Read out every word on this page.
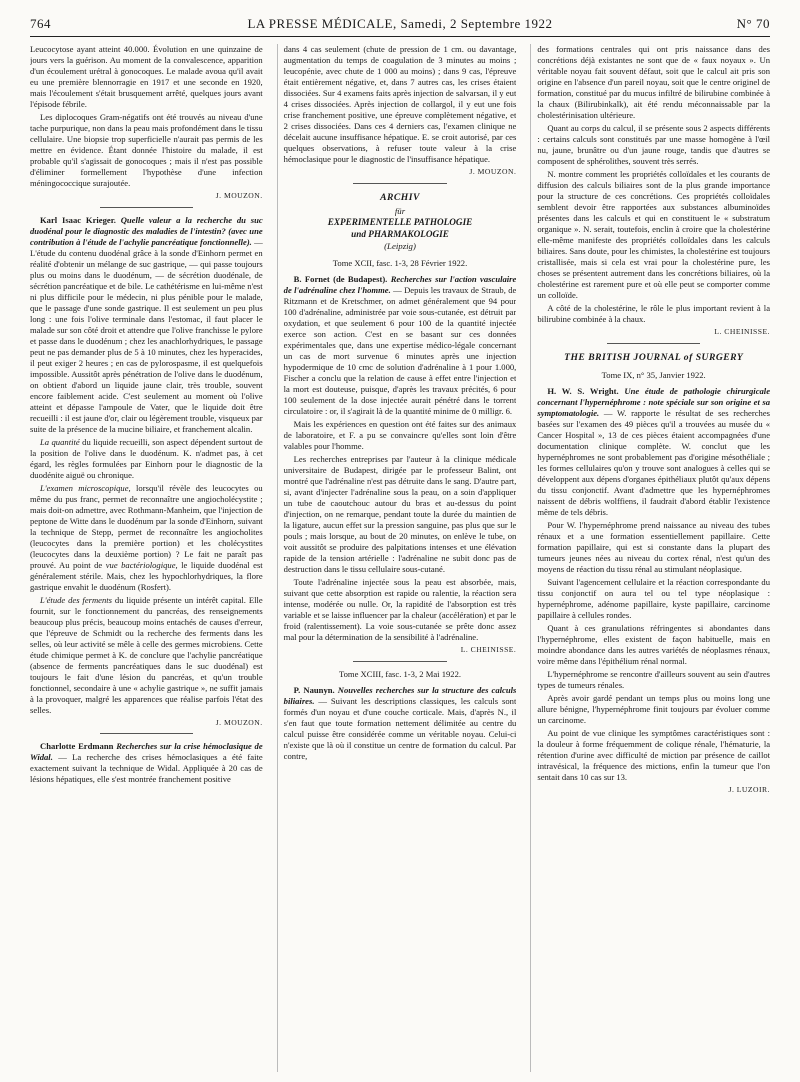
764	LA PRESSE MÉDICALE, Samedi, 2 Septembre 1922	N° 70

Leucocytose ayant atteint 40.000. Évolution en une quinzaine de jours vers la guérison. Au moment de la convalescence, apparition d'un écoulement urétral à gonocoques. Le malade avoua qu'il avait eu une première blennorragie en 1917 et une seconde en 1920, mais l'écoulement s'était brusquement arrêté, quelques jours avant l'épisode fébrile.

Les diplocoques Gram-négatifs ont été trouvés au niveau d'une tache purpurique, non dans la peau mais profondément dans le tissu cellulaire. Une biopsie trop superficielle n'aurait pas permis de les mettre en évidence. Étant donnée l'histoire du malade, il est probable qu'il s'agissait de gonocoques ; mais il n'est pas possible d'éliminer formellement l'hypothèse d'une infection méningococcique surajoutée.

J. MOUZON.

Karl Isaac Krieger. Quelle valeur a la recherche du suc duodénal pour le diagnostic des maladies de l'intestin? (avec une contribution à l'étude de l'achylie pancréatique fonctionnelle). — L'étude du contenu duodénal grâce à la sonde d'Einhorn permet en réalité d'obtenir un mélange de suc gastrique, — qui passe toujours plus ou moins dans le duodénum, — de sécrétion duodénale, de sécrétion pancréatique et de bile. Le cathétérisme en lui-même n'est ni plus difficile pour le médecin, ni plus pénible pour le malade, que le passage d'une sonde gastrique. Il est seulement un peu plus long : une fois l'olive terminale dans l'estomac, il faut placer le malade sur son côté droit et attendre que l'olive franchisse le pylore et passe dans le duodénum ; chez les anachlorhydriques, le passage peut ne pas demander plus de 5 à 10 minutes, chez les hyperacides, il peut exiger 2 heures ; en cas de pylorospasme, il est quelquefois impossible. Aussitôt après pénétration de l'olive dans le duodénum, on obtient d'abord un liquide jaune clair, très trouble, souvent encore faiblement acide. C'est seulement au moment où l'olive atteint et dépasse l'ampoule de Vater, que le liquide doit être recueilli : il est jaune d'or, clair ou légèrement trouble, visqueux par suite de la présence de la mucine biliaire, et franchement alcalin.

La quantité du liquide recueilli, son aspect dépendent surtout de la position de l'olive dans le duodénum. K. n'admet pas, à cet égard, les règles formulées par Einhorn pour le diagnostic de la duodénite aiguë ou chronique.

L'examen microscopique, lorsqu'il révèle des leucocytes ou même du pus franc, permet de reconnaître une angiocholécystite ; mais doit-on admettre, avec Rothmann-Manheim, que l'injection de peptone de Witte dans le duodénum par la sonde d'Einhorn, suivant la technique de Stepp, permet de reconnaître les angiocholites (leucocytes dans la première portion) et les cholécystites (leucocytes dans la deuxième portion) ? Le fait ne paraît pas prouvé. Au point de vue bactériologique, le liquide duodénal est généralement stérile. Mais, chez les hypochlorhydriques, la flore gastrique envahit le duodénum (Rosfert).

L'étude des ferments du liquide présente un intérêt capital. Elle fournit, sur le fonctionnement du pancréas, des renseignements beaucoup plus précis, beaucoup moins entachés de causes d'erreur, que l'épreuve de Schmidt ou la recherche des ferments dans les selles, où leur activité se mêle à celle des germes microbiens. Cette étude chimique permet à K. de conclure que l'achylie pancréatique (absence de ferments pancréatiques dans le suc duodénal) est toujours le fait d'une lésion du pancréas, et qu'un trouble fonctionnel, secondaire à une « achylie gastrique », ne suffit jamais à la provoquer, malgré les apparences que réalise parfois l'état des selles.

J. MOUZON.

Charlotte Erdmann Recherches sur la crise hémoclasique de Widal. — La recherche des crises hémoclasiques a été faite exactement suivant la technique de Widal. Appliquée à 20 cas de lésions hépatiques, elle s'est montrée franchement positive

dans 4 cas seulement (chute de pression de 1 cm. ou davantage, augmentation du temps de coagulation de 3 minutes au moins ; leucopénie, avec chute de 1 000 au moins) ; dans 9 cas, l'épreuve était entièrement négative, et, dans 7 autres cas, les crises étaient dissociées. Sur 4 examens faits après injection de salvarsan, il y eut 4 crises dissociées. Après injection de collargol, il y eut une fois crise franchement positive, une épreuve complètement négative, et 2 crises dissociées. Dans ces 4 derniers cas, l'examen clinique ne décelait aucune insuffisance hépatique. E. se croit autorisé, par ces quelques observations, à refuser toute valeur à la crise hémoclasique pour le diagnostic de l'insuffisance hépatique.

J. MOUZON.

ARCHIV

für

EXPERIMENTELLE PATHOLOGIE

und PHARMAKOLOGIE

(Leipzig)

Tome XCII, fasc. 1-3, 28 Février 1922.

B. Fornet (de Budapest). Recherches sur l'action vasculaire de l'adrénaline chez l'homme. — Depuis les travaux de Straub, de Ritzmann et de Kretschmer, on admet généralement que 94 pour 100 d'adrénaline, administrée par voie sous-cutanée, est détruit par oxydation, et que seulement 6 pour 100 de la quantité injectée exerce son action. C'est en se basant sur ces données expérimentales que, dans une expertise médico-légale concernant un cas de mort survenue 6 minutes après une injection hypodermique de 10 cmc de solution d'adrénaline à 1 pour 1.000, Fischer a conclu que la relation de cause à effet entre l'injection et la mort est douteuse, puisque, d'après les travaux précités, 6 pour 100 seulement de la dose injectée aurait pénétré dans le torrent circulatoire : or, il s'agirait là de la quantité minime de 0 milligr. 6.

Mais les expériences en question ont été faites sur des animaux de laboratoire, et F. a pu se convaincre qu'elles sont loin d'être valables pour l'homme.

Les recherches entreprises par l'auteur à la clinique médicale universitaire de Budapest, dirigée par le professeur Balint, ont montré que l'adrénaline n'est pas détruite dans le sang. D'autre part, si, avant d'injecter l'adrénaline sous la peau, on a soin d'appliquer un tube de caoutchouc autour du bras et au-dessus du point d'injection, on ne remarque, pendant toute la durée du maintien de la ligature, aucun effet sur la pression sanguine, pas plus que sur le pouls ; mais lorsque, au bout de 20 minutes, on enlève le tube, on voit aussitôt se produire des palpitations intenses et une élévation rapide de la tension artérielle : l'adrénaline ne subit donc pas de destruction dans le tissu cellulaire sous-cutané.

Toute l'adrénaline injectée sous la peau est absorbée, mais, suivant que cette absorption est rapide ou ralentie, la réaction sera intense, modérée ou nulle. Or, la rapidité de l'absorption est très variable et se laisse influencer par la chaleur (accélération) et par le froid (ralentissement). La voie sous-cutanée se prête donc assez mal pour la détermination de la sensibilité à l'adrénaline.

L. CHEINISSE.

Tome XCIII, fasc. 1-3, 2 Mai 1922.

P. Naunyn. Nouvelles recherches sur la structure des calculs biliaires. — Suivant les descriptions classiques, les calculs sont formés d'un noyau et d'une couche corticale. Mais, d'après N., il s'en faut que toute formation nettement délimitée au centre du calcul puisse être considérée comme un véritable noyau. Celui-ci n'existe que là où il constitue un centre de formation du calcul. Par contre,

des formations centrales qui ont pris naissance dans des concrétions déjà existantes ne sont que de « faux noyaux ». Un véritable noyau fait souvent défaut, soit que le calcul ait pris son origine en l'absence d'un pareil noyau, soit que le centre originel de formation, constitué par du mucus infiltré de bilirubine combinée à la chaux (Bilirubinkalk), ait été rendu méconnaissable par la cholestérinisation ultérieure.

Quant au corps du calcul, il se présente sous 2 aspects différents : certains calculs sont constitués par une masse homogène à l'œil nu, jaune, brunâtre ou d'un jaune rouge, tandis que d'autres se composent de sphérolithes, souvent très serrés.

N. montre comment les propriétés colloïdales et les courants de diffusion des calculs biliaires sont de la plus grande importance pour la structure de ces concrétions. Ces propriétés colloïdales semblent devoir être rapportées aux substances albuminoïdes présentes dans les calculs et qui en constituent le « substratum organique ». N. serait, toutefois, enclin à croire que la cholestérine elle-même manifeste des propriétés colloïdales dans les calculs biliaires. Sans doute, pour les chimistes, la cholestérine est toujours cristallisée, mais si cela est vrai pour la cholestérine pure, les choses se présentent autrement dans les concrétions biliaires, où la cholestérine est rarement pure et où elle peut se comporter comme un colloïde.

A côté de la cholestérine, le rôle le plus important revient à la bilirubine combinée à la chaux.

L. CHEINISSE.

THE BRITISH JOURNAL of SURGERY

Tome IX, n° 35, Janvier 1922.

H. W. S. Wright. Une étude de pathologie chirurgicale concernant l'hypernéphrome : note spéciale sur son origine et sa symptomatologie. — W. rapporte le résultat de ses recherches basées sur l'examen des 49 pièces qu'il a trouvées au musée du « Cancer Hospital », 13 de ces pièces étaient accompagnées d'une documentation clinique complète. W. conclut que les hypernéphromes ne sont probablement pas d'origine mésothéliale ; les formes cellulaires qu'on y trouve sont analogues à celles qui se développent aux dépens d'organes épithéliaux plutôt qu'aux dépens du tissu conjonctif. Avant d'admettre que les hypernéphromes naissent de débris wolffiens, il faudrait d'abord établir l'existence même de tels débris.

Pour W. l'hypernéphrome prend naissance au niveau des tubes rénaux et a une formation essentiellement papillaire. Cette formation papillaire, qui est si constante dans la plupart des tumeurs jeunes nées au niveau du cortex rénal, n'est qu'un des moyens de réaction du tissu rénal au stimulant néoplasique.

Suivant l'agencement cellulaire et la réaction correspondante du tissu conjonctif on aura tel ou tel type néoplasique : hypernéphrome, adénome papillaire, kyste papillaire, carcinome papillaire à cellules rondes.

Quant à ces granulations réfringentes si abondantes dans l'hypernéphrome, elles existent de façon habituelle, mais en moindre abondance dans les autres variétés de néoplasmes rénaux, voire même dans l'épithélium rénal normal.

L'hypernéphrome se rencontre d'ailleurs souvent au sein d'autres types de tumeurs rénales.

Après avoir gardé pendant un temps plus ou moins long une allure bénigne, l'hypernéphrome finit toujours par évoluer comme un carcinome.

Au point de vue clinique les symptômes caractéristiques sont : la douleur à forme fréquemment de colique rénale, l'hématurie, la rétention d'urine avec difficulté de miction par présence de caillot intravésical, la fréquence des mictions, enfin la tumeur que l'on sentait dans 10 cas sur 13.

J. LUZOIR.
